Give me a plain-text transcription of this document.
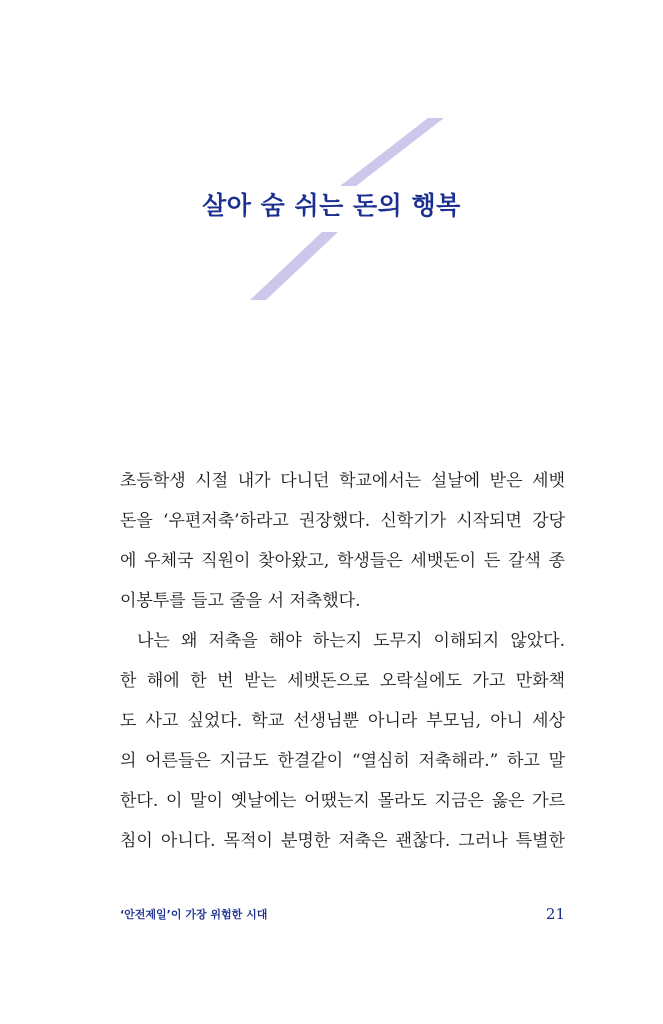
살아 숨 쉬는 돈의 행복
초등학생 시절 내가 다니던 학교에서는 설날에 받은 세뱃
돈을 ‘우편저축’하라고 권장했다. 신학기가 시작되면 강당
에 우체국 직원이 찾아왔고, 학생들은 세뱃돈이 든 갈색 종
이봉투를 들고 줄을 서 저축했다.
나는 왜 저축을 해야 하는지 도무지 이해되지 않았다.
한 해에 한 번 받는 세뱃돈으로 오락실에도 가고 만화책
도 사고 싶었다. 학교 선생님뿐 아니라 부모님, 아니 세상
의 어른들은 지금도 한결같이 “열심히 저축해라.” 하고 말
한다. 이 말이 옛날에는 어땠는지 몰라도 지금은 옳은 가르
침이 아니다. 목적이 분명한 저축은 괜찮다. 그러나 특별한
‘안전제일’이 가장 위험한 시대	21
